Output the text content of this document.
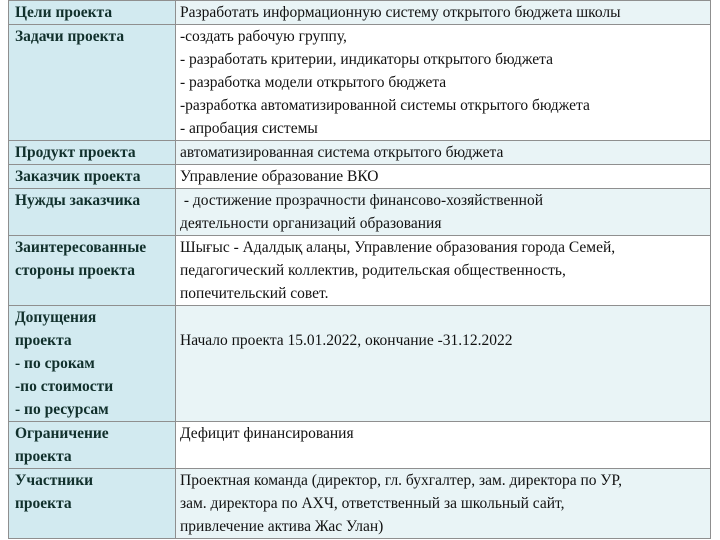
Цели проекта	Разработать информационную систему открытого бюджета школы

Задачи проекта	-создать рабочую группу,
- разработать критерии, индикаторы открытого бюджета
- разработка модели открытого бюджета
-разработка автоматизированной системы открытого бюджета
- апробация системы

Продукт проекта	автоматизированная система открытого бюджета

Заказчик проекта	Управление образование ВКО

Нужды заказчика	- достижение прозрачности финансово-хозяйственной
деятельности организаций образования

Заинтересованные
стороны проекта	Шығыс - Адалдық алаңы, Управление образования города Семей,
педагогический коллектив, родительская общественность,
попечительский совет.

Допущения
проекта
- по срокам
-по стоимости
- по ресурсам	Начало проекта 15.01.2022, окончание -31.12.2022

Ограничение
проекта	Дефицит финансирования

Участники
проекта	Проектная команда (директор, гл. бухгалтер, зам. директора по УР,
зам. директора по АХЧ, ответственный за школьный сайт,
привлечение актива Жас Улан)
